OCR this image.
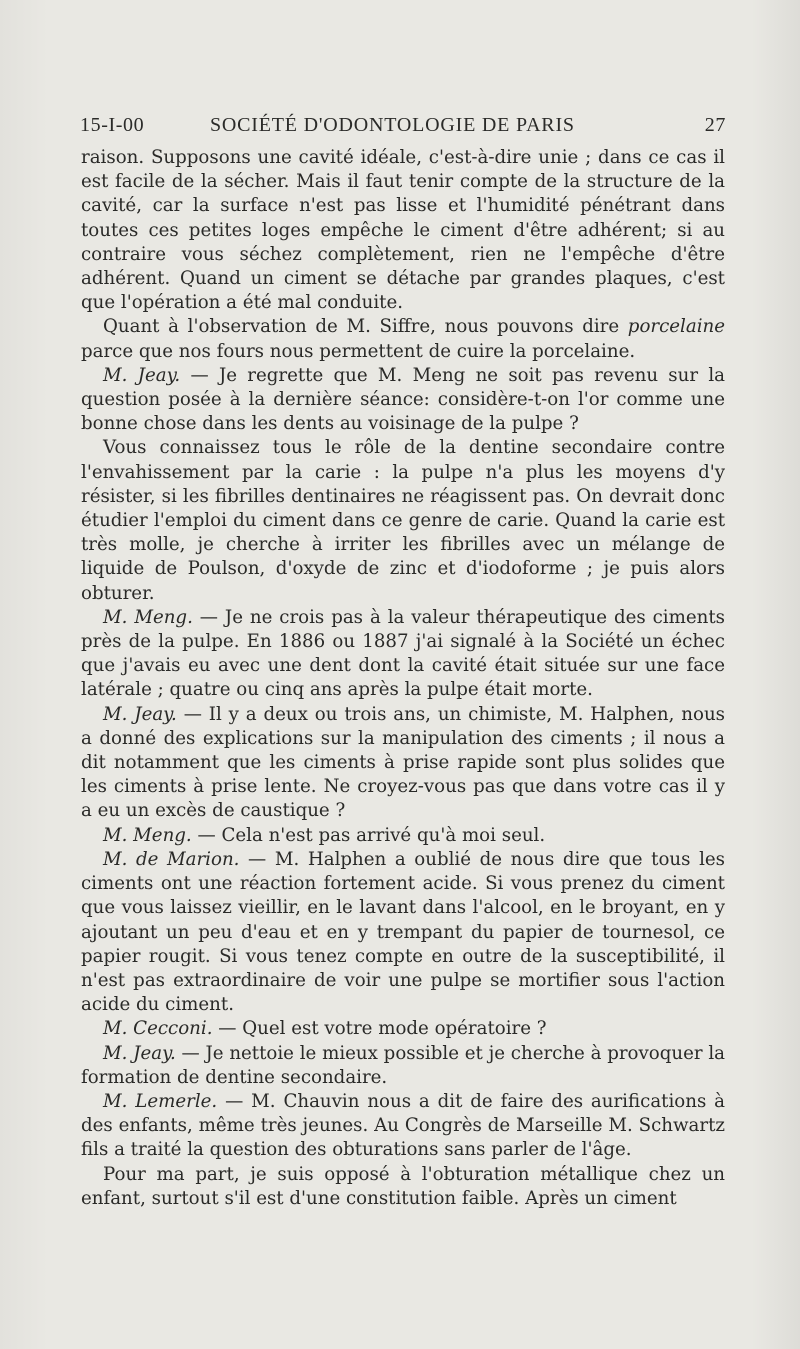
15-I-00	SOCIÉTÉ D'ODONTOLOGIE DE PARIS	27

raison. Supposons une cavité idéale, c'est-à-dire unie ; dans ce cas il est facile de la sécher. Mais il faut tenir compte de la structure de la cavité, car la surface n'est pas lisse et l'humidité pénétrant dans toutes ces petites loges empêche le ciment d'être adhérent; si au contraire vous séchez complètement, rien ne l'empêche d'être adhérent. Quand un ciment se détache par grandes plaques, c'est que l'opération a été mal conduite.

Quant à l'observation de M. Siffre, nous pouvons dire porcelaine parce que nos fours nous permettent de cuire la porcelaine.

M. Jeay. — Je regrette que M. Meng ne soit pas revenu sur la question posée à la dernière séance: considère-t-on l'or comme une bonne chose dans les dents au voisinage de la pulpe ?

Vous connaissez tous le rôle de la dentine secondaire contre l'envahissement par la carie : la pulpe n'a plus les moyens d'y résister, si les fibrilles dentinaires ne réagissent pas. On devrait donc étudier l'emploi du ciment dans ce genre de carie. Quand la carie est très molle, je cherche à irriter les fibrilles avec un mélange de liquide de Poulson, d'oxyde de zinc et d'iodoforme ; je puis alors obturer.

M. Meng. — Je ne crois pas à la valeur thérapeutique des ciments près de la pulpe. En 1886 ou 1887 j'ai signalé à la Société un échec que j'avais eu avec une dent dont la cavité était située sur une face latérale ; quatre ou cinq ans après la pulpe était morte.

M. Jeay. — Il y a deux ou trois ans, un chimiste, M. Halphen, nous a donné des explications sur la manipulation des ciments ; il nous a dit notamment que les ciments à prise rapide sont plus solides que les ciments à prise lente. Ne croyez-vous pas que dans votre cas il y a eu un excès de caustique ?

M. Meng. — Cela n'est pas arrivé qu'à moi seul.

M. de Marion. — M. Halphen a oublié de nous dire que tous les ciments ont une réaction fortement acide. Si vous prenez du ciment que vous laissez vieillir, en le lavant dans l'alcool, en le broyant, en y ajoutant un peu d'eau et en y trempant du papier de tournesol, ce papier rougit. Si vous tenez compte en outre de la susceptibilité, il n'est pas extraordinaire de voir une pulpe se mortifier sous l'action acide du ciment.

M. Cecconi. — Quel est votre mode opératoire ?

M. Jeay. — Je nettoie le mieux possible et je cherche à provoquer la formation de dentine secondaire.

M. Lemerle. — M. Chauvin nous a dit de faire des aurifications à des enfants, même très jeunes. Au Congrès de Marseille M. Schwartz fils a traité la question des obturations sans parler de l'âge.

Pour ma part, je suis opposé à l'obturation métallique chez un enfant, surtout s'il est d'une constitution faible. Après un ciment
